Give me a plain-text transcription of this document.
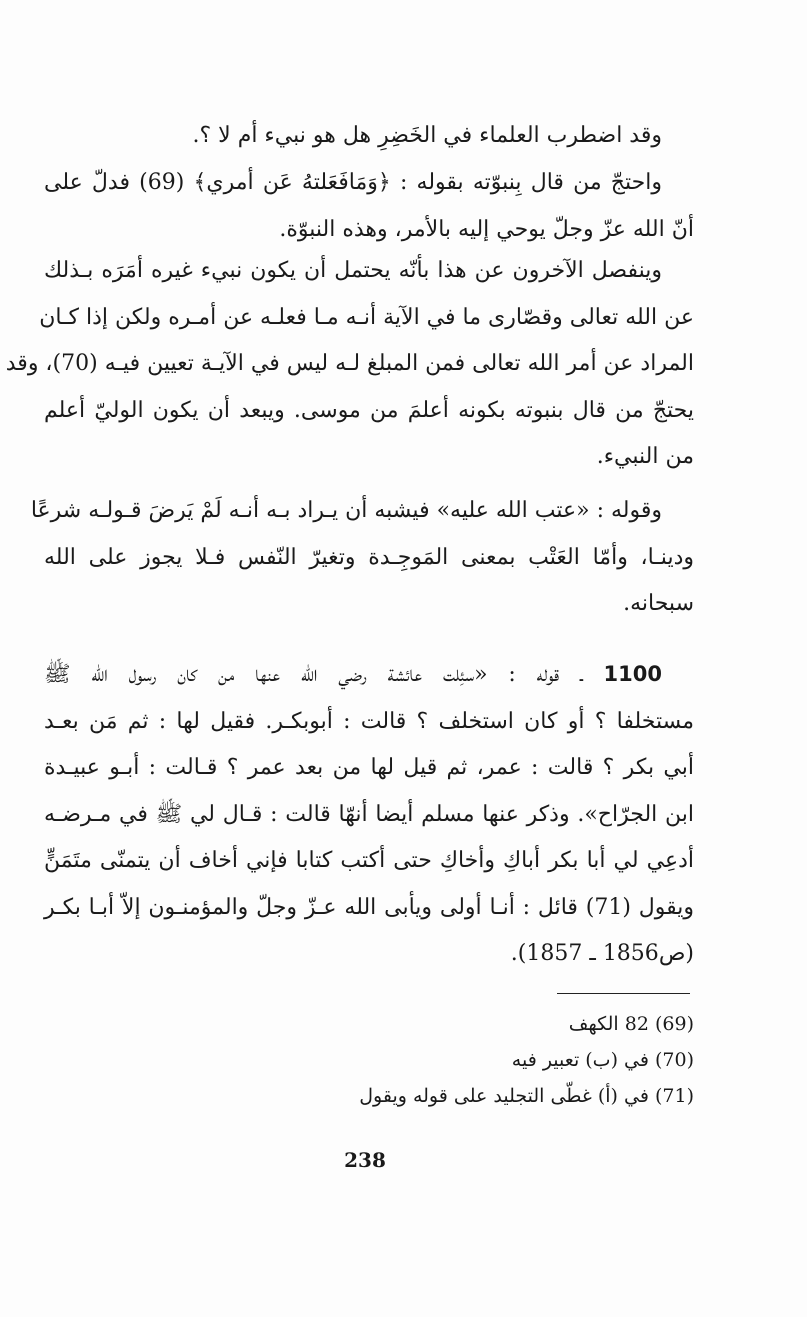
وقد اضطرب العلماء في الخَضِرِ هل هو نبيء أم لا ؟.
واحتجّ من قال بِنبوّته بقوله : ﴿وَمَافَعَلتهُ عَن أمري﴾ (69) فدلّ على
أنّ الله عزّ وجلّ يوحي إليه بالأمر، وهذه النبوّة.
وينفصل الآخرون عن هذا بأنّه يحتمل أن يكون نبيء غيره أمَرَه بـذلك
عن الله تعالى وقصّارى ما في الآية أنـه مـا فعلـه عن أمـره ولكن إذا كـان
المراد عن أمر الله تعالى فمن المبلغ لـه ليس في الآيـة تعيين فيـه (70)، وقد
يحتجّ من قال بنبوته بكونه أعلمَ من موسى. ويبعد أن يكون الوليّ أعلم
من النبيء.
وقوله : «عتب الله عليه» فيشبه أن يـراد بـه أنـه لَمْ يَرضَ قـولـه شرعًا
ودينـا، وأمّا العَتْب بمعنى المَوجِـدة وتغيرّ النّفس فـلا يجوز على الله
سبحانه.
1100 ـ قوله : «سئِلت عائشة رضي الله عنها من كان رسول الله ﷺ
مستخلفا ؟ أو كان استخلف ؟ قالت : أبوبكـر. فقيل لها : ثم مَن بعـد
أبي بكر ؟ قالت : عمر، ثم قيل لها من بعد عمر ؟ قـالت : أبـو عبيـدة
ابن الجرّاح». وذكر عنها مسلم أيضا أنهّا قالت : قـال لي ﷺ في مـرضـه
أدعِي لي أبا بكر أباكِ وأخاكِ حتى أكتب كتابا فإني أخاف أن يتمنّى متَمَنٍّ
ويقول (71) قائل : أنـا أولى ويأبى الله عـزّ وجلّ والمؤمنـون إلاّ أبـا بكـر
(ص1856 ـ 1857).
(69) 82 الكهف
(70) في (ب) تعبير فيه
(71) في (أ) غطّى التجليد على قوله ويقول
238
